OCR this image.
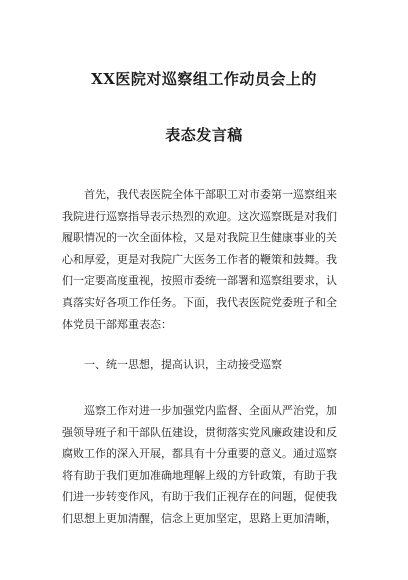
XX医院对巡察组工作动员会上的
表态发言稿
　　首先，我代表医院全体干部职工对市委第一巡察组来
我院进行巡察指导表示热烈的欢迎。这次巡察既是对我们
履职情况的一次全面体检，又是对我院卫生健康事业的关
心和厚爱，更是对我院广大医务工作者的鞭策和鼓舞。我
们一定要高度重视，按照市委统一部署和巡察组要求，认
真落实好各项工作任务。下面，我代表医院党委班子和全
体党员干部郑重表态：
　　一、统一思想，提高认识，主动接受巡察
　　巡察工作对进一步加强党内监督、全面从严治党，加
强领导班子和干部队伍建设，贯彻落实党风廉政建设和反
腐败工作的深入开展，都具有十分重要的意义。通过巡察
将有助于我们更加准确地理解上级的方针政策，有助于我
们进一步转变作风，有助于我们正视存在的问题，促使我
们思想上更加清醒，信念上更加坚定，思路上更加清晰，
